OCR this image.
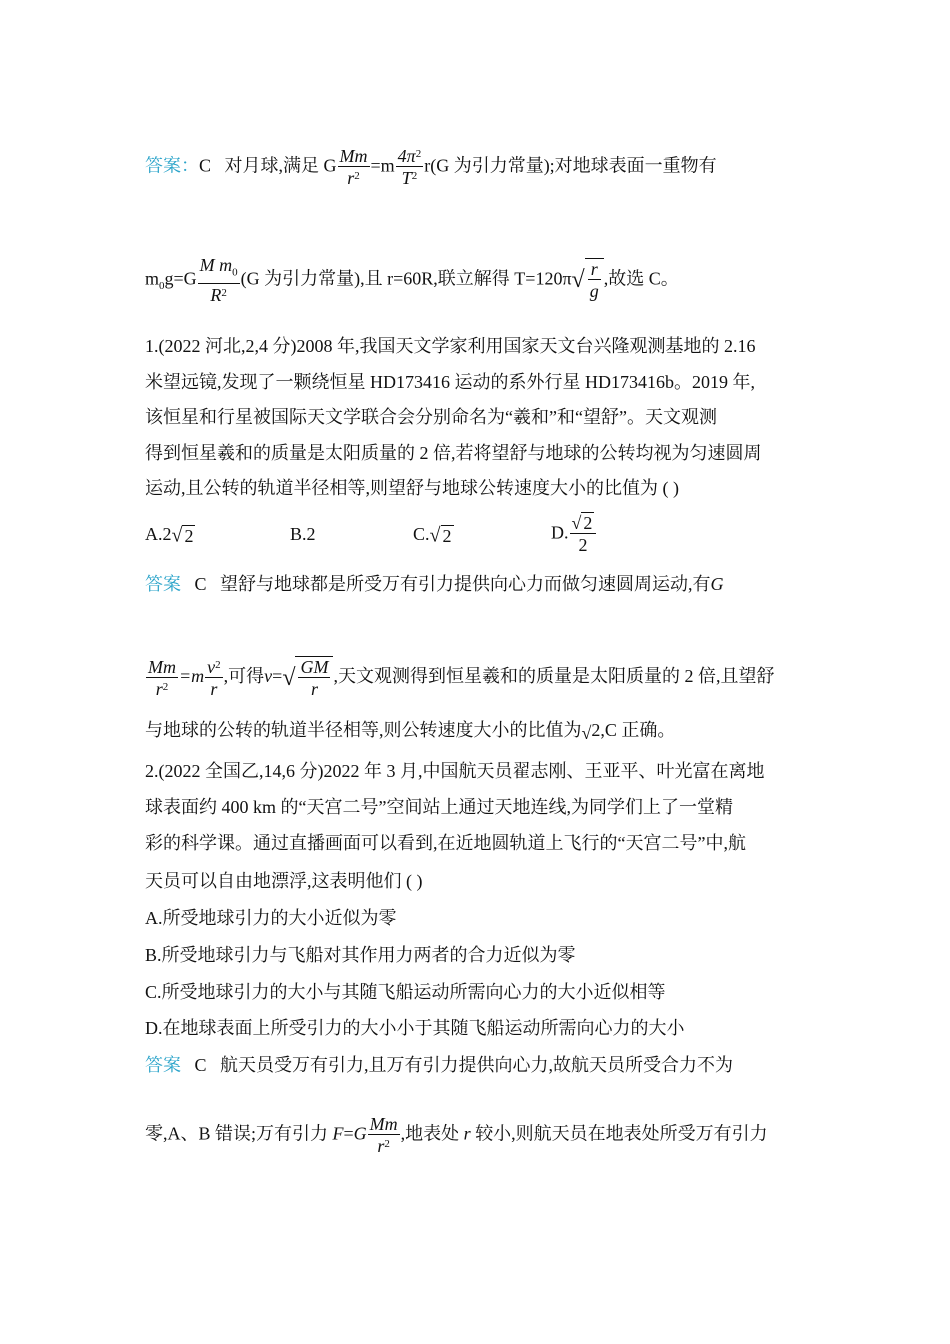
答案：C 对月球,满足 G $\frac{Mm}{r^2} =m \frac{4\pi^2}{T^2} r(G$ 为引力常量);对地球表面一重物有
$m_0g=G \frac{M m_0}{R^2} (G$ 为引力常量),且 r=60R,联立解得 $T=120\pi√ \frac{r}{g}$ ,故选 C。
1.(2022 河北,2,4 分)2008 年,我国天文学家利用国家天文台兴隆观测基地的 2.16
米望远镜,发现了一颗绕恒星 HD173416 运动的系外行星 HD173416b。2019 年,
该恒星和行星被国际天文学联合会分别命名为“羲和”和“望舒”。天文观测
得到恒星羲和的质量是太阳质量的 2 倍,若将望舒与地球的公转均视为匀速圆周
运动,且公转的轨道半径相等,则望舒与地球公转速度大小的比值为 ( )
A.2√ 2	B.2	C.√ 2	D. $\frac{√ 2}{2}$
答案 C 望舒与地球都是所受万有引力提供向心力而做匀速圆周运动,有G
$\frac{Mm}{r^2} =m \frac{v^2}{r}$ ,可得$v=√ \frac{GM}{r}$ ,天文观测得到恒星羲和的质量是太阳质量的 2 倍,且望舒
与地球的公转的轨道半径相等,则公转速度大小的比值为√2,C 正确。
2.(2022 全国乙,14,6 分)2022 年 3 月,中国航天员翟志刚、王亚平、叶光富在离地
球表面约 400 km 的“天宫二号”空间站上通过天地连线,为同学们上了一堂精
彩的科学课。通过直播画面可以看到,在近地圆轨道上飞行的“天宫二号”中,航
天员可以自由地漂浮,这表明他们 ( )
A.所受地球引力的大小近似为零
B.所受地球引力与飞船对其作用力两者的合力近似为零
C.所受地球引力的大小与其随飞船运动所需向心力的大小近似相等
D.在地球表面上所受引力的大小小于其随飞船运动所需向心力的大小
答案 C 航天员受万有引力,且万有引力提供向心力,故航天员所受合力不为
零,A、B 错误;万有引力 $F=G \frac{Mm}{r^2}$ ,地表处 r 较小,则航天员在地表处所受万有引力
